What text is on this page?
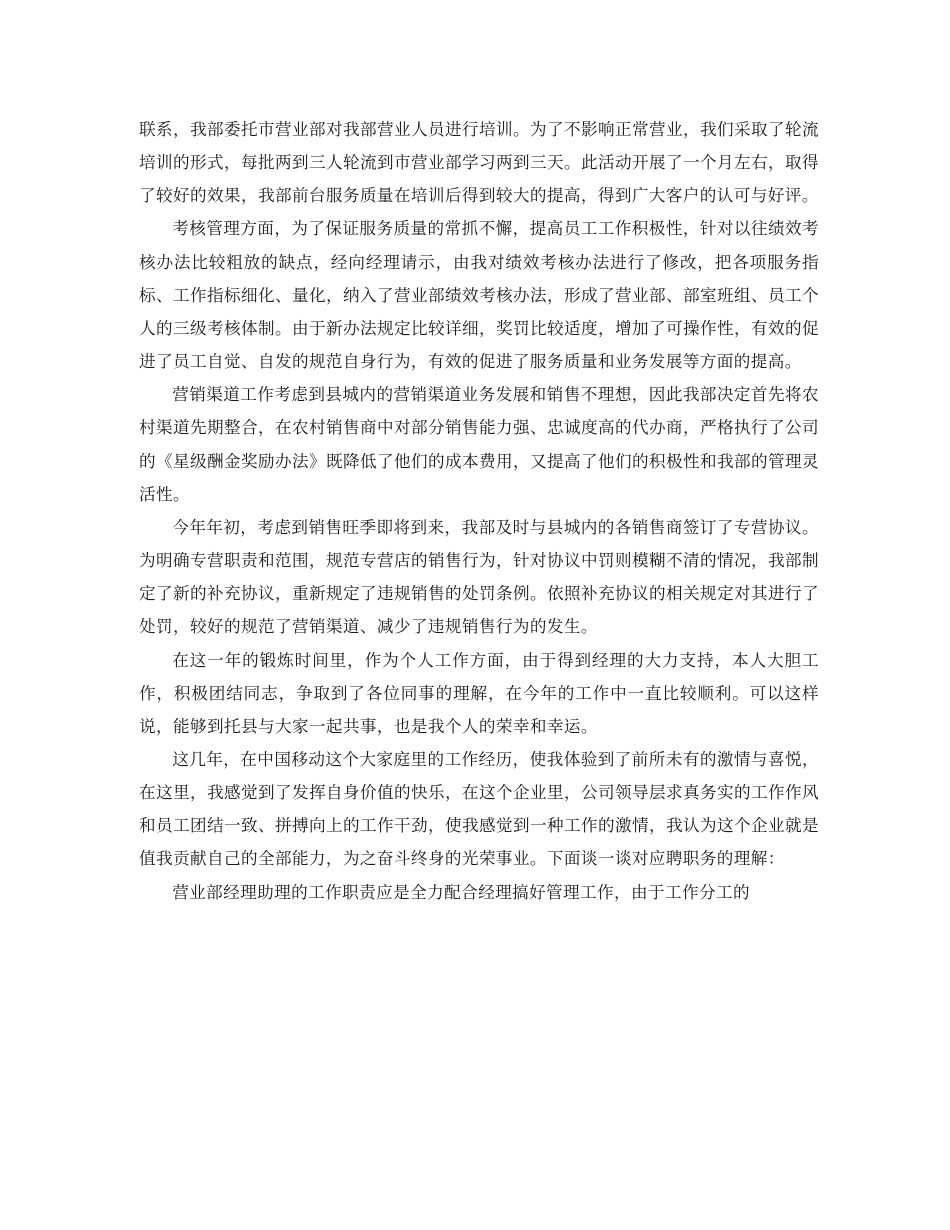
联系，我部委托市营业部对我部营业人员进行培训。为了不影响正常营业，我们采取了轮流培训的形式，每批两到三人轮流到市营业部学习两到三天。此活动开展了一个月左右，取得了较好的效果，我部前台服务质量在培训后得到较大的提高，得到广大客户的认可与好评。

考核管理方面，为了保证服务质量的常抓不懈，提高员工工作积极性，针对以往绩效考核办法比较粗放的缺点，经向经理请示，由我对绩效考核办法进行了修改，把各项服务指标、工作指标细化、量化，纳入了营业部绩效考核办法，形成了营业部、部室班组、员工个人的三级考核体制。由于新办法规定比较详细，奖罚比较适度，增加了可操作性，有效的促进了员工自觉、自发的规范自身行为，有效的促进了服务质量和业务发展等方面的提高。

营销渠道工作考虑到县城内的营销渠道业务发展和销售不理想，因此我部决定首先将农村渠道先期整合，在农村销售商中对部分销售能力强、忠诚度高的代办商，严格执行了公司的《星级酬金奖励办法》既降低了他们的成本费用，又提高了他们的积极性和我部的管理灵活性。

今年年初，考虑到销售旺季即将到来，我部及时与县城内的各销售商签订了专营协议。为明确专营职责和范围，规范专营店的销售行为，针对协议中罚则模糊不清的情况，我部制定了新的补充协议，重新规定了违规销售的处罚条例。依照补充协议的相关规定对其进行了处罚，较好的规范了营销渠道、减少了违规销售行为的发生。

在这一年的锻炼时间里，作为个人工作方面，由于得到经理的大力支持，本人大胆工作，积极团结同志，争取到了各位同事的理解，在今年的工作中一直比较顺利。可以这样说，能够到托县与大家一起共事，也是我个人的荣幸和幸运。

这几年，在中国移动这个大家庭里的工作经历，使我体验到了前所未有的激情与喜悦，在这里，我感觉到了发挥自身价值的快乐，在这个企业里，公司领导层求真务实的工作作风和员工团结一致、拼搏向上的工作干劲，使我感觉到一种工作的激情，我认为这个企业就是值我贡献自己的全部能力，为之奋斗终身的光荣事业。下面谈一谈对应聘职务的理解：

营业部经理助理的工作职责应是全力配合经理搞好管理工作，由于工作分工的
